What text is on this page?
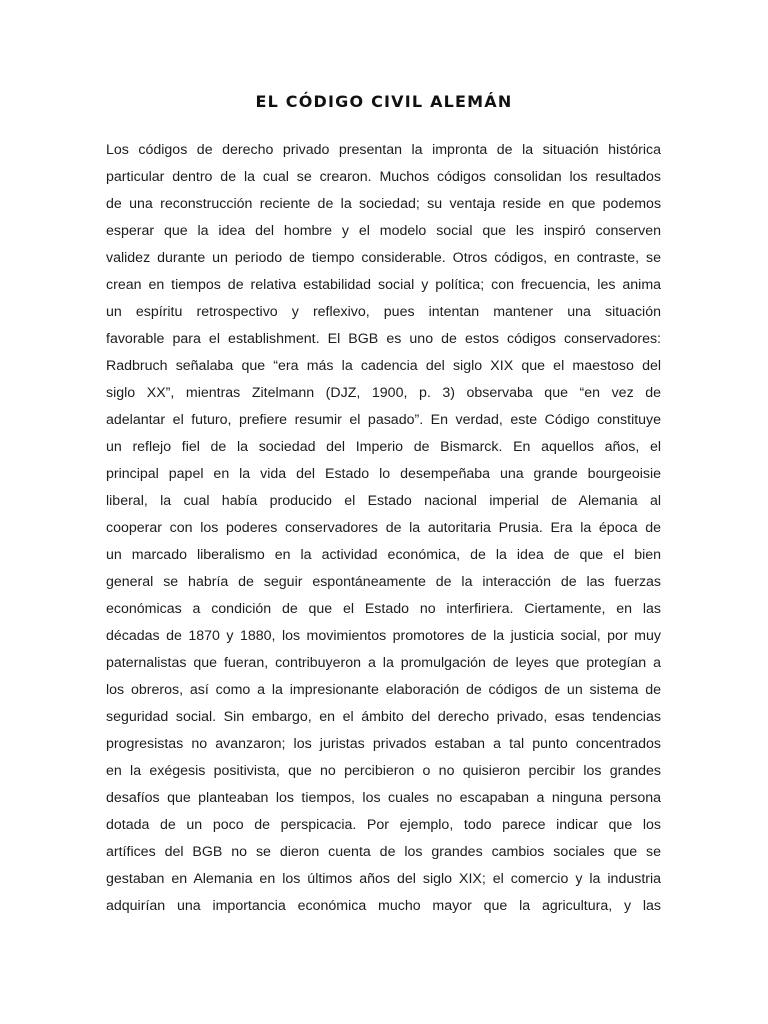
EL CÓDIGO CIVIL ALEMÁN
Los códigos de derecho privado presentan la impronta de la situación histórica
particular dentro de la cual se crearon. Muchos códigos consolidan los resultados
de una reconstrucción reciente de la sociedad; su ventaja reside en que podemos
esperar que la idea del hombre y el modelo social que les inspiró conserven
validez durante un periodo de tiempo considerable. Otros códigos, en contraste, se
crean en tiempos de relativa estabilidad social y política; con frecuencia, les anima
un espíritu retrospectivo y reflexivo, pues intentan mantener una situación
favorable para el establishment. El BGB es uno de estos códigos conservadores:
Radbruch señalaba que “era más la cadencia del siglo XIX que el maestoso del
siglo XX”, mientras Zitelmann (DJZ, 1900, p. 3) observaba que “en vez de
adelantar el futuro, prefiere resumir el pasado”. En verdad, este Código constituye
un reflejo fiel de la sociedad del Imperio de Bismarck. En aquellos años, el
principal papel en la vida del Estado lo desempeñaba una grande bourgeoisie
liberal, la cual había producido el Estado nacional imperial de Alemania al
cooperar con los poderes conservadores de la autoritaria Prusia. Era la época de
un marcado liberalismo en la actividad económica, de la idea de que el bien
general se habría de seguir espontáneamente de la interacción de las fuerzas
económicas a condición de que el Estado no interfiriera. Ciertamente, en las
décadas de 1870 y 1880, los movimientos promotores de la justicia social, por muy
paternalistas que fueran, contribuyeron a la promulgación de leyes que protegían a
los obreros, así como a la impresionante elaboración de códigos de un sistema de
seguridad social. Sin embargo, en el ámbito del derecho privado, esas tendencias
progresistas no avanzaron; los juristas privados estaban a tal punto concentrados
en la exégesis positivista, que no percibieron o no quisieron percibir los grandes
desafíos que planteaban los tiempos, los cuales no escapaban a ninguna persona
dotada de un poco de perspicacia. Por ejemplo, todo parece indicar que los
artífices del BGB no se dieron cuenta de los grandes cambios sociales que se
gestaban en Alemania en los últimos años del siglo XIX; el comercio y la industria
adquirían una importancia económica mucho mayor que la agricultura, y las
